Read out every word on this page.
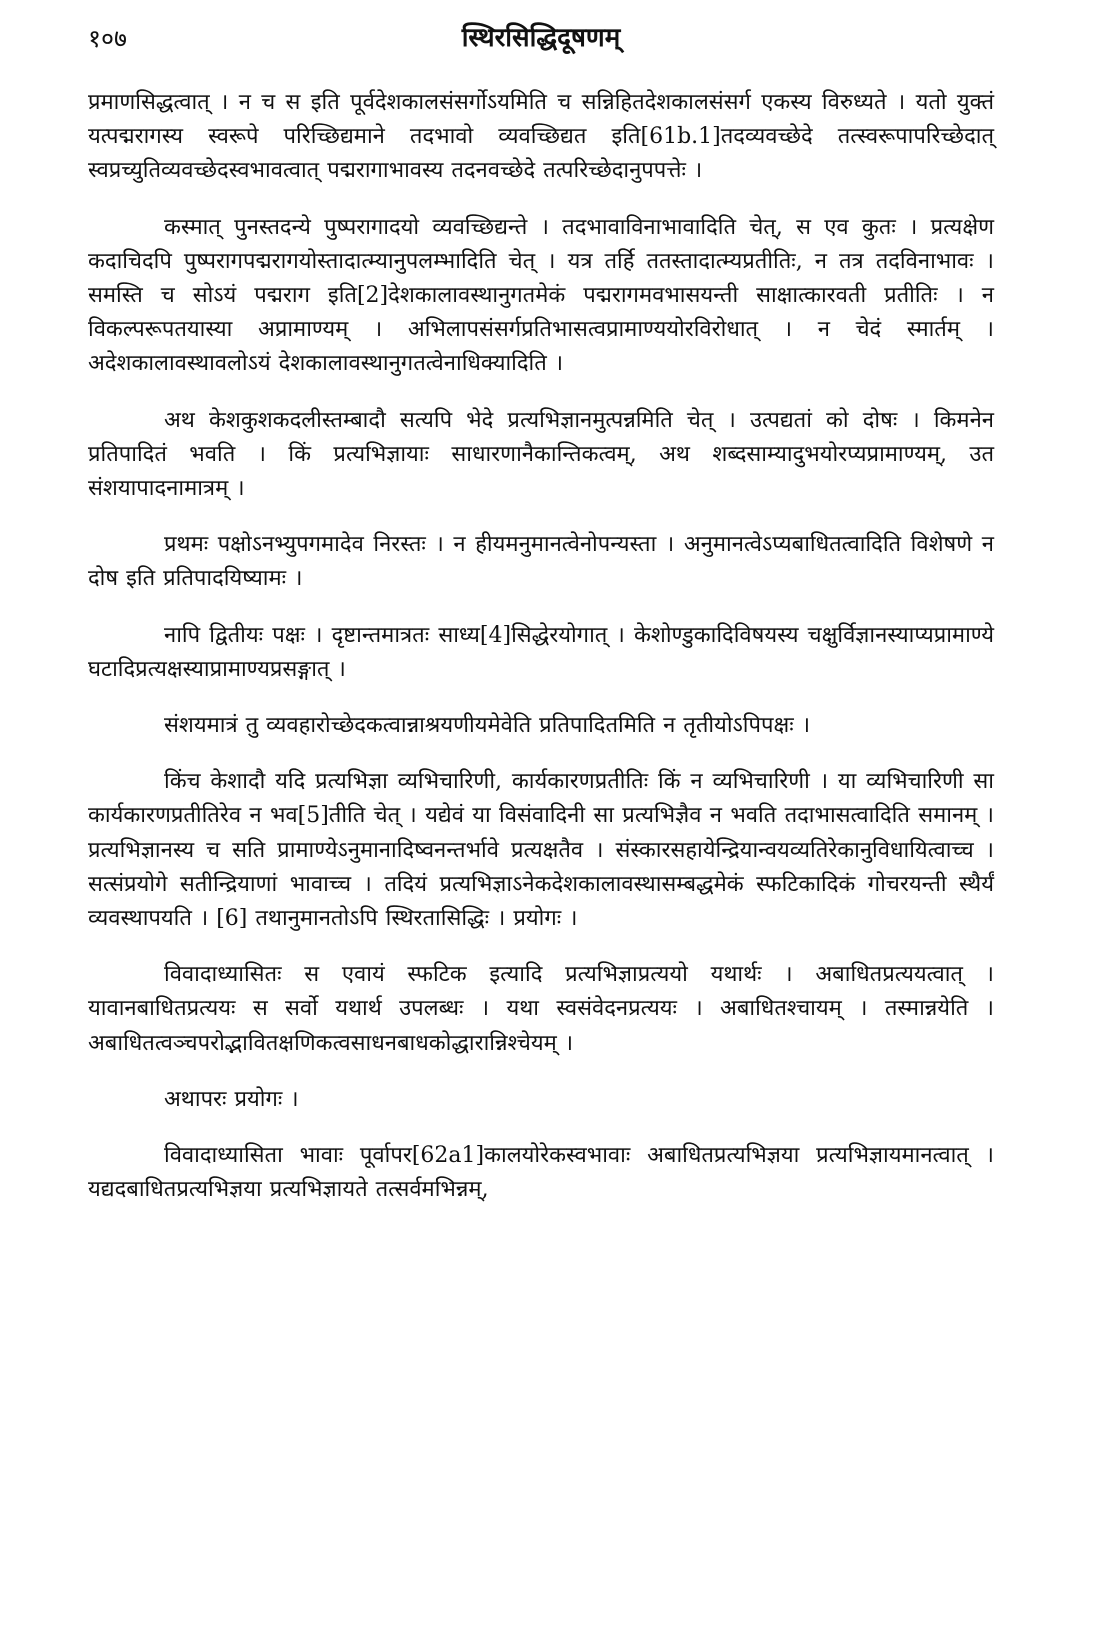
१०७	स्थिरसिद्धिदूषणम्

प्रमाणसिद्धत्वात् । न च स इति पूर्वदेशकालसंसर्गोऽयमिति च सन्निहितदेशकालसंसर्ग एकस्य विरुध्यते । यतो युक्तं यत्पद्मरागस्य स्वरूपे परिच्छिद्यमाने तदभावो व्यवच्छिद्यत इति[61b.1]तदव्यवच्छेदे तत्स्वरूपापरिच्छेदात् स्वप्रच्युतिव्यवच्छेदस्वभावत्वात् पद्मरागाभावस्य तदनवच्छेदे तत्परिच्छेदानुपपत्तेः ।

कस्मात् पुनस्तदन्ये पुष्परागादयो व्यवच्छिद्यन्ते । तदभावाविनाभावादिति चेत्, स एव कुतः । प्रत्यक्षेण कदाचिदपि पुष्परागपद्मरागयोस्तादात्म्यानुपलम्भादिति चेत् । यत्र तर्हि ततस्तादात्म्यप्रतीतिः, न तत्र तदविनाभावः । समस्ति च सोऽयं पद्मराग इति[2]देशकालावस्थानुगतमेकं पद्मरागमवभासयन्ती साक्षात्कारवती प्रतीतिः । न विकल्परूपतयास्या अप्रामाण्यम् । अभिलापसंसर्गप्रतिभासत्वप्रामाण्ययोरविरोधात् । न चेदं स्मार्तम् । अदेशकालावस्थावलोऽयं देशकालावस्थानुगतत्वेनाधिक्यादिति ।

अथ केशकुशकदलीस्तम्बादौ सत्यपि भेदे प्रत्यभिज्ञानमुत्पन्नमिति चेत् । उत्पद्यतां को दोषः । किमनेन प्रतिपादितं भवति । किं प्रत्यभिज्ञायाः साधारणानैकान्तिकत्वम्, अथ शब्दसाम्यादुभयोरप्यप्रामाण्यम्, उत संशयापादनामात्रम् ।

प्रथमः पक्षोऽनभ्युपगमादेव निरस्तः । न हीयमनुमानत्वेनोपन्यस्ता । अनुमानत्वेऽप्यबाधितत्वादिति विशेषणे न दोष इति प्रतिपादयिष्यामः ।

नापि द्वितीयः पक्षः । दृष्टान्तमात्रतः साध्य[4]सिद्धेरयोगात् । केशोण्डुकादिविषयस्य चक्षुर्विज्ञानस्याप्यप्रामाण्ये घटादिप्रत्यक्षस्याप्रामाण्यप्रसङ्गात् ।

संशयमात्रं तु व्यवहारोच्छेदकत्वान्नाश्रयणीयमेवेति प्रतिपादितमिति न तृतीयोऽपिपक्षः ।

किंच केशादौ यदि प्रत्यभिज्ञा व्यभिचारिणी, कार्यकारणप्रतीतिः किं न व्यभिचारिणी । या व्यभिचारिणी सा कार्यकारणप्रतीतिरेव न भव[5]तीति चेत् । यद्येवं या विसंवादिनी सा प्रत्यभिज्ञैव न भवति तदाभासत्वादिति समानम् । प्रत्यभिज्ञानस्य च सति प्रामाण्येऽनुमानादिष्वनन्तर्भावे प्रत्यक्षतैव । संस्कारसहायेन्द्रियान्वयव्यतिरेकानुविधायित्वाच्च । सत्संप्रयोगे सतीन्द्रियाणां भावाच्च । तदियं प्रत्यभिज्ञाऽनेकदेशकालावस्थासम्बद्धमेकं स्फटिकादिकं गोचरयन्ती स्थैर्यं व्यवस्थापयति । [6] तथानुमानतोऽपि स्थिरतासिद्धिः । प्रयोगः ।

विवादाध्यासितः स एवायं स्फटिक इत्यादि प्रत्यभिज्ञाप्रत्ययो यथार्थः । अबाधितप्रत्ययत्वात् । यावानबाधितप्रत्ययः स सर्वो यथार्थ उपलब्धः । यथा स्वसंवेदनप्रत्ययः । अबाधितश्चायम् । तस्मान्नयेति । अबाधितत्वञ्चपरोद्भावितक्षणिकत्वसाधनबाधकोद्धारान्निश्चेयम् ।

अथापरः प्रयोगः ।

विवादाध्यासिता भावाः पूर्वापर[62a1]कालयोरेकस्वभावाः अबाधितप्रत्यभिज्ञया प्रत्यभिज्ञायमानत्वात् । यद्यदबाधितप्रत्यभिज्ञया प्रत्यभिज्ञायते तत्सर्वमभिन्नम्,
